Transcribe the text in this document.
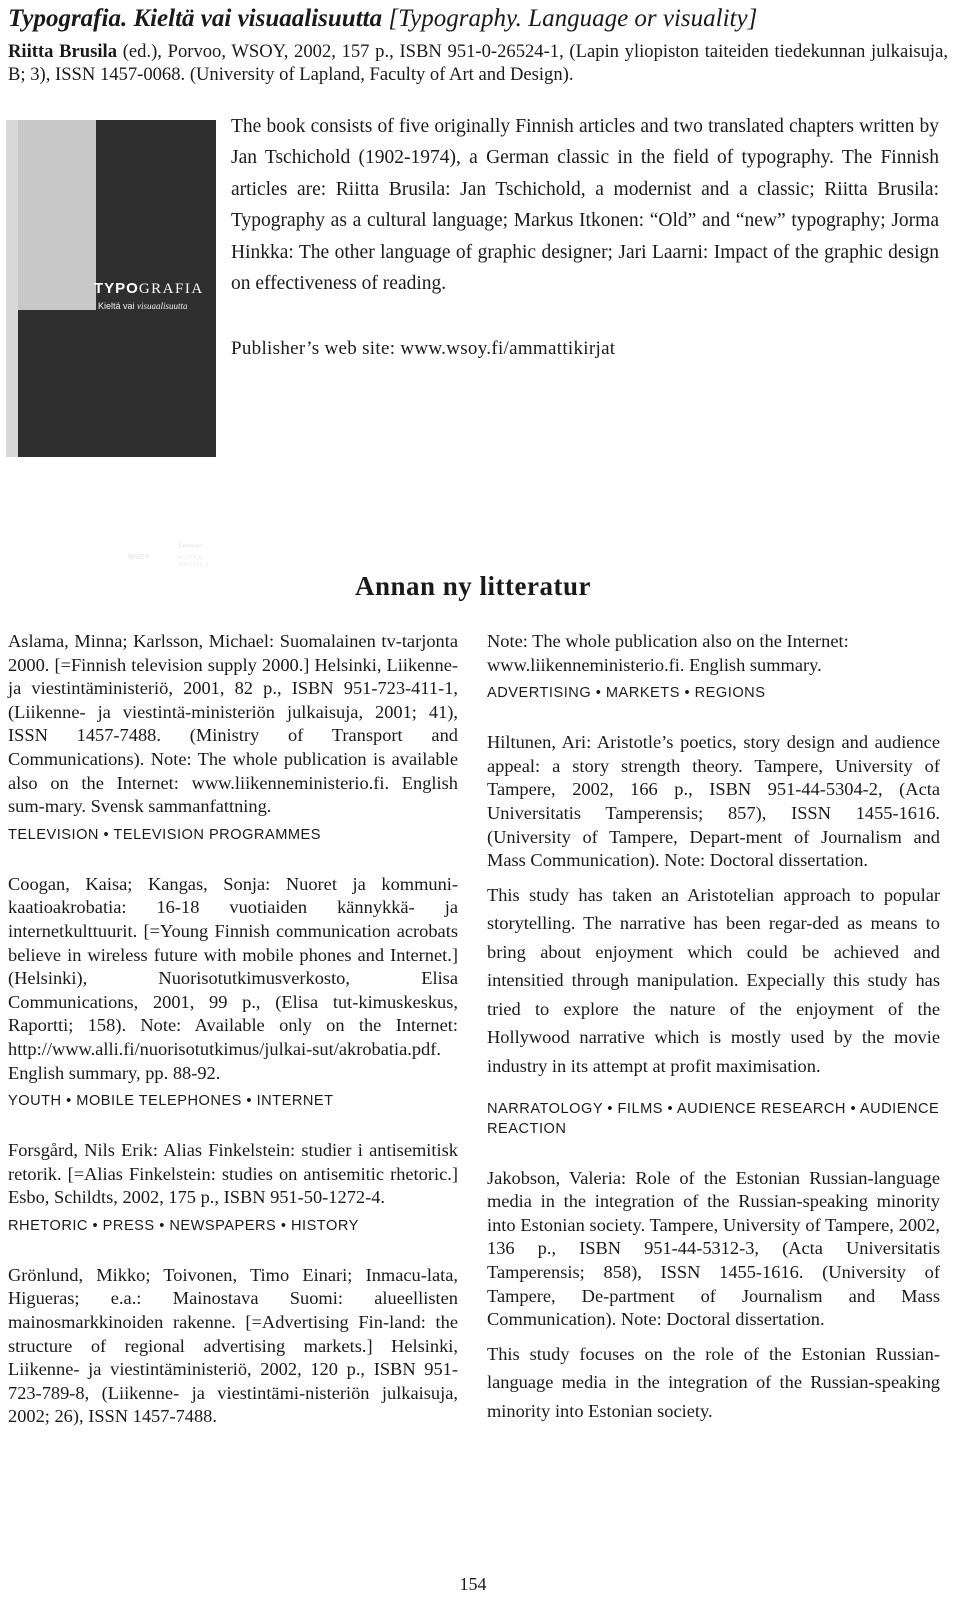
Typografia. Kieltä vai visuaalisuutta [Typography. Language or visuality]
Riitta Brusila (ed.), Porvoo, WSOY, 2002, 157 p., ISBN 951-0-26524-1, (Lapin yliopiston taiteiden tiedekunnan julkaisuja, B; 3), ISSN 1457-0068. (University of Lapland, Faculty of Art and Design).
TYPOGRAFIA
Kieltä vai visuaalisuutta
WSOY
Toimittanut
RIITTA BRUSILA
The book consists of five originally Finnish articles and two translated chapters written by Jan Tschichold (1902-1974), a German classic in the field of typography. The Finnish articles are: Riitta Brusila: Jan Tschichold, a modernist and a classic; Riitta Brusila: Typography as a cultural language; Markus Itkonen: “Old” and “new” typography; Jorma Hinkka: The other language of graphic designer; Jari Laarni: Impact of the graphic design on effectiveness of reading.
Publisher’s web site: www.wsoy.fi/ammattikirjat
Annan ny litteratur

Aslama, Minna; Karlsson, Michael: Suomalainen tv-tarjonta 2000. [=Finnish television supply 2000.] Helsinki, Liikenne- ja viestintäministeriö, 2001, 82 p., ISBN 951-723-411-1, (Liikenne- ja viestintä-ministeriön julkaisuja, 2001; 41), ISSN 1457-7488. (Ministry of Transport and Communications). Note: The whole publication is available also on the Internet: www.liikenneministerio.fi. English sum-mary. Svensk sammanfattning.

TELEVISION • TELEVISION PROGRAMMES

Coogan, Kaisa; Kangas, Sonja: Nuoret ja kommuni-kaatioakrobatia: 16-18 vuotiaiden kännykkä- ja internetkulttuurit. [=Young Finnish communication acrobats believe in wireless future with mobile phones and Internet.] (Helsinki), Nuorisotutkimusverkosto, Elisa Communications, 2001, 99 p., (Elisa tut-kimuskeskus, Raportti; 158). Note: Available only on the Internet: http://www.alli.fi/nuorisotutkimus/julkai-sut/akrobatia.pdf. English summary, pp. 88-92.

YOUTH • MOBILE TELEPHONES • INTERNET

Forsgård, Nils Erik: Alias Finkelstein: studier i antisemitisk retorik. [=Alias Finkelstein: studies on antisemitic rhetoric.] Esbo, Schildts, 2002, 175 p., ISBN 951-50-1272-4.

RHETORIC • PRESS • NEWSPAPERS • HISTORY

Grönlund, Mikko; Toivonen, Timo Einari; Inmacu-lata, Higueras; e.a.: Mainostava Suomi: alueellisten mainosmarkkinoiden rakenne. [=Advertising Fin-land: the structure of regional advertising markets.] Helsinki, Liikenne- ja viestintäministeriö, 2002, 120 p., ISBN 951-723-789-8, (Liikenne- ja viestintämi-nisteriön julkaisuja, 2002; 26), ISSN 1457-7488.

Note: The whole publication also on the Internet: www.liikenneministerio.fi. English summary.

ADVERTISING • MARKETS • REGIONS

Hiltunen, Ari: Aristotle’s poetics, story design and audience appeal: a story strength theory. Tampere, University of Tampere, 2002, 166 p., ISBN 951-44-5304-2, (Acta Universitatis Tamperensis; 857), ISSN 1455-1616. (University of Tampere, Depart-ment of Journalism and Mass Communication). Note: Doctoral dissertation.

This study has taken an Aristotelian approach to popular storytelling. The narrative has been regar-ded as means to bring about enjoyment which could be achieved and intensitied through manipulation. Expecially this study has tried to explore the nature of the enjoyment of the Hollywood narrative which is mostly used by the movie industry in its attempt at profit maximisation.

NARRATOLOGY • FILMS • AUDIENCE RESEARCH • AUDIENCE REACTION

Jakobson, Valeria: Role of the Estonian Russian-language media in the integration of the Russian-speaking minority into Estonian society. Tampere, University of Tampere, 2002, 136 p., ISBN 951-44-5312-3, (Acta Universitatis Tamperensis; 858), ISSN 1455-1616. (University of Tampere, De-partment of Journalism and Mass Communication). Note: Doctoral dissertation.

This study focuses on the role of the Estonian Russian-language media in the integration of the Russian-speaking minority into Estonian society.

154
